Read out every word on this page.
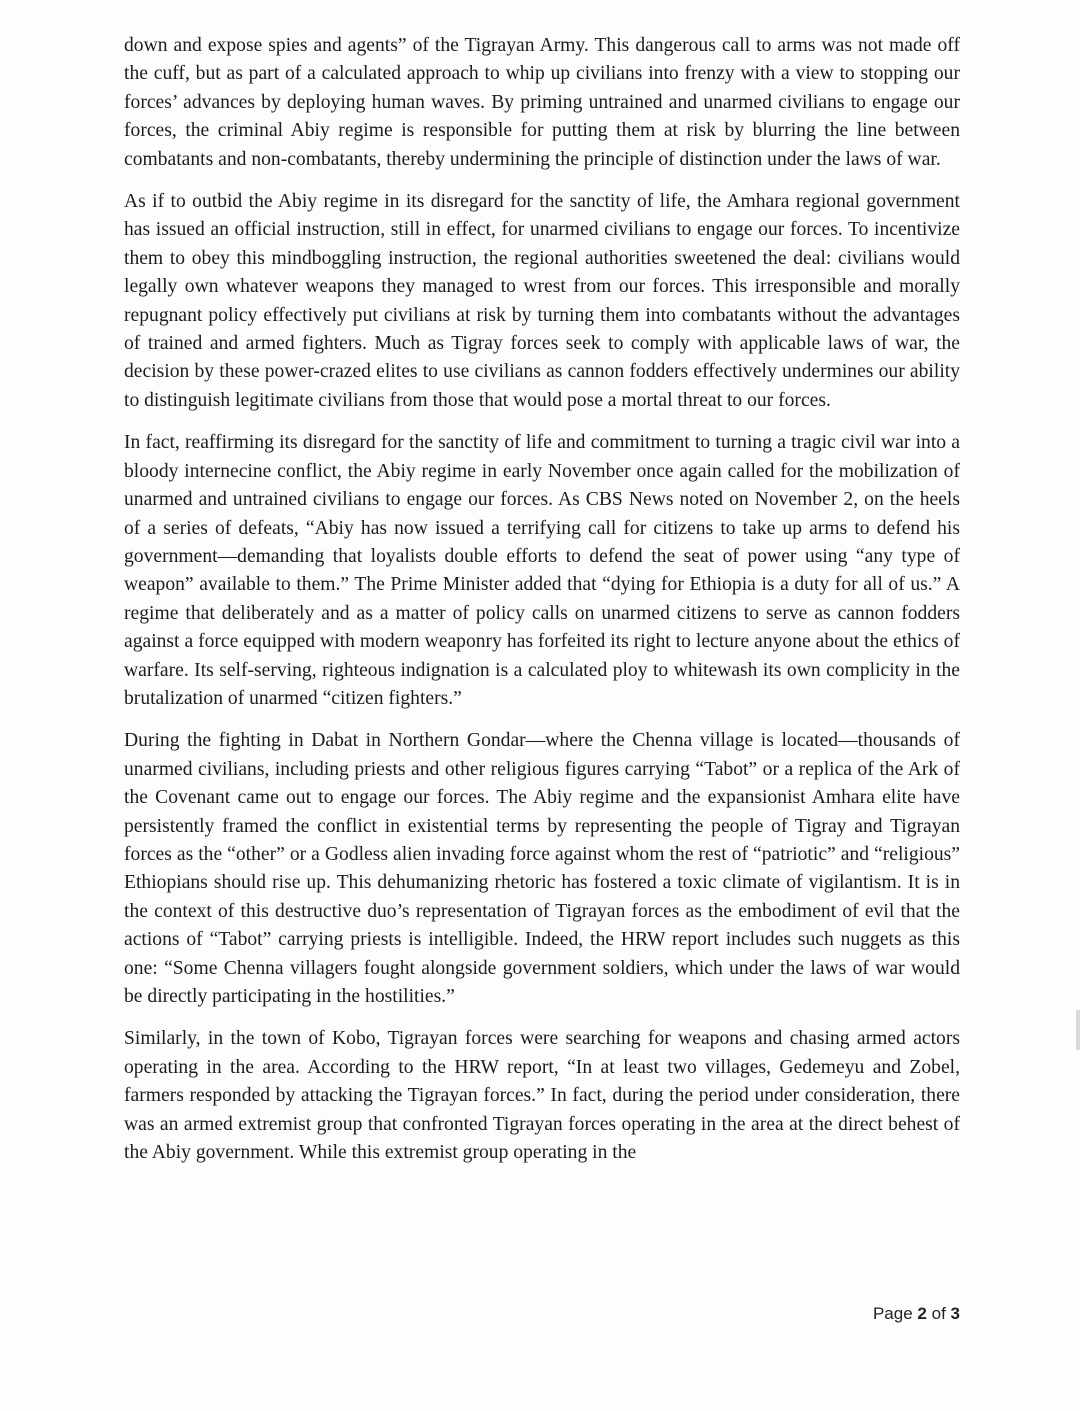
down and expose spies and agents” of the Tigrayan Army. This dangerous call to arms was not made off the cuff, but as part of a calculated approach to whip up civilians into frenzy with a view to stopping our forces’ advances by deploying human waves. By priming untrained and unarmed civilians to engage our forces, the criminal Abiy regime is responsible for putting them at risk by blurring the line between combatants and non-combatants, thereby undermining the principle of distinction under the laws of war.

As if to outbid the Abiy regime in its disregard for the sanctity of life, the Amhara regional government has issued an official instruction, still in effect, for unarmed civilians to engage our forces. To incentivize them to obey this mindboggling instruction, the regional authorities sweetened the deal: civilians would legally own whatever weapons they managed to wrest from our forces. This irresponsible and morally repugnant policy effectively put civilians at risk by turning them into combatants without the advantages of trained and armed fighters. Much as Tigray forces seek to comply with applicable laws of war, the decision by these power-crazed elites to use civilians as cannon fodders effectively undermines our ability to distinguish legitimate civilians from those that would pose a mortal threat to our forces.

In fact, reaffirming its disregard for the sanctity of life and commitment to turning a tragic civil war into a bloody internecine conflict, the Abiy regime in early November once again called for the mobilization of unarmed and untrained civilians to engage our forces. As CBS News noted on November 2, on the heels of a series of defeats, “Abiy has now issued a terrifying call for citizens to take up arms to defend his government—demanding that loyalists double efforts to defend the seat of power using “any type of weapon” available to them.” The Prime Minister added that “dying for Ethiopia is a duty for all of us.” A regime that deliberately and as a matter of policy calls on unarmed citizens to serve as cannon fodders against a force equipped with modern weaponry has forfeited its right to lecture anyone about the ethics of warfare. Its self-serving, righteous indignation is a calculated ploy to whitewash its own complicity in the brutalization of unarmed “citizen fighters.”

During the fighting in Dabat in Northern Gondar—where the Chenna village is located—thousands of unarmed civilians, including priests and other religious figures carrying “Tabot” or a replica of the Ark of the Covenant came out to engage our forces. The Abiy regime and the expansionist Amhara elite have persistently framed the conflict in existential terms by representing the people of Tigray and Tigrayan forces as the “other” or a Godless alien invading force against whom the rest of “patriotic” and “religious” Ethiopians should rise up. This dehumanizing rhetoric has fostered a toxic climate of vigilantism. It is in the context of this destructive duo’s representation of Tigrayan forces as the embodiment of evil that the actions of “Tabot” carrying priests is intelligible. Indeed, the HRW report includes such nuggets as this one: “Some Chenna villagers fought alongside government soldiers, which under the laws of war would be directly participating in the hostilities.”

Similarly, in the town of Kobo, Tigrayan forces were searching for weapons and chasing armed actors operating in the area. According to the HRW report, “In at least two villages, Gedemeyu and Zobel, farmers responded by attacking the Tigrayan forces.” In fact, during the period under consideration, there was an armed extremist group that confronted Tigrayan forces operating in the area at the direct behest of the Abiy government. While this extremist group operating in the

Page 2 of 3
